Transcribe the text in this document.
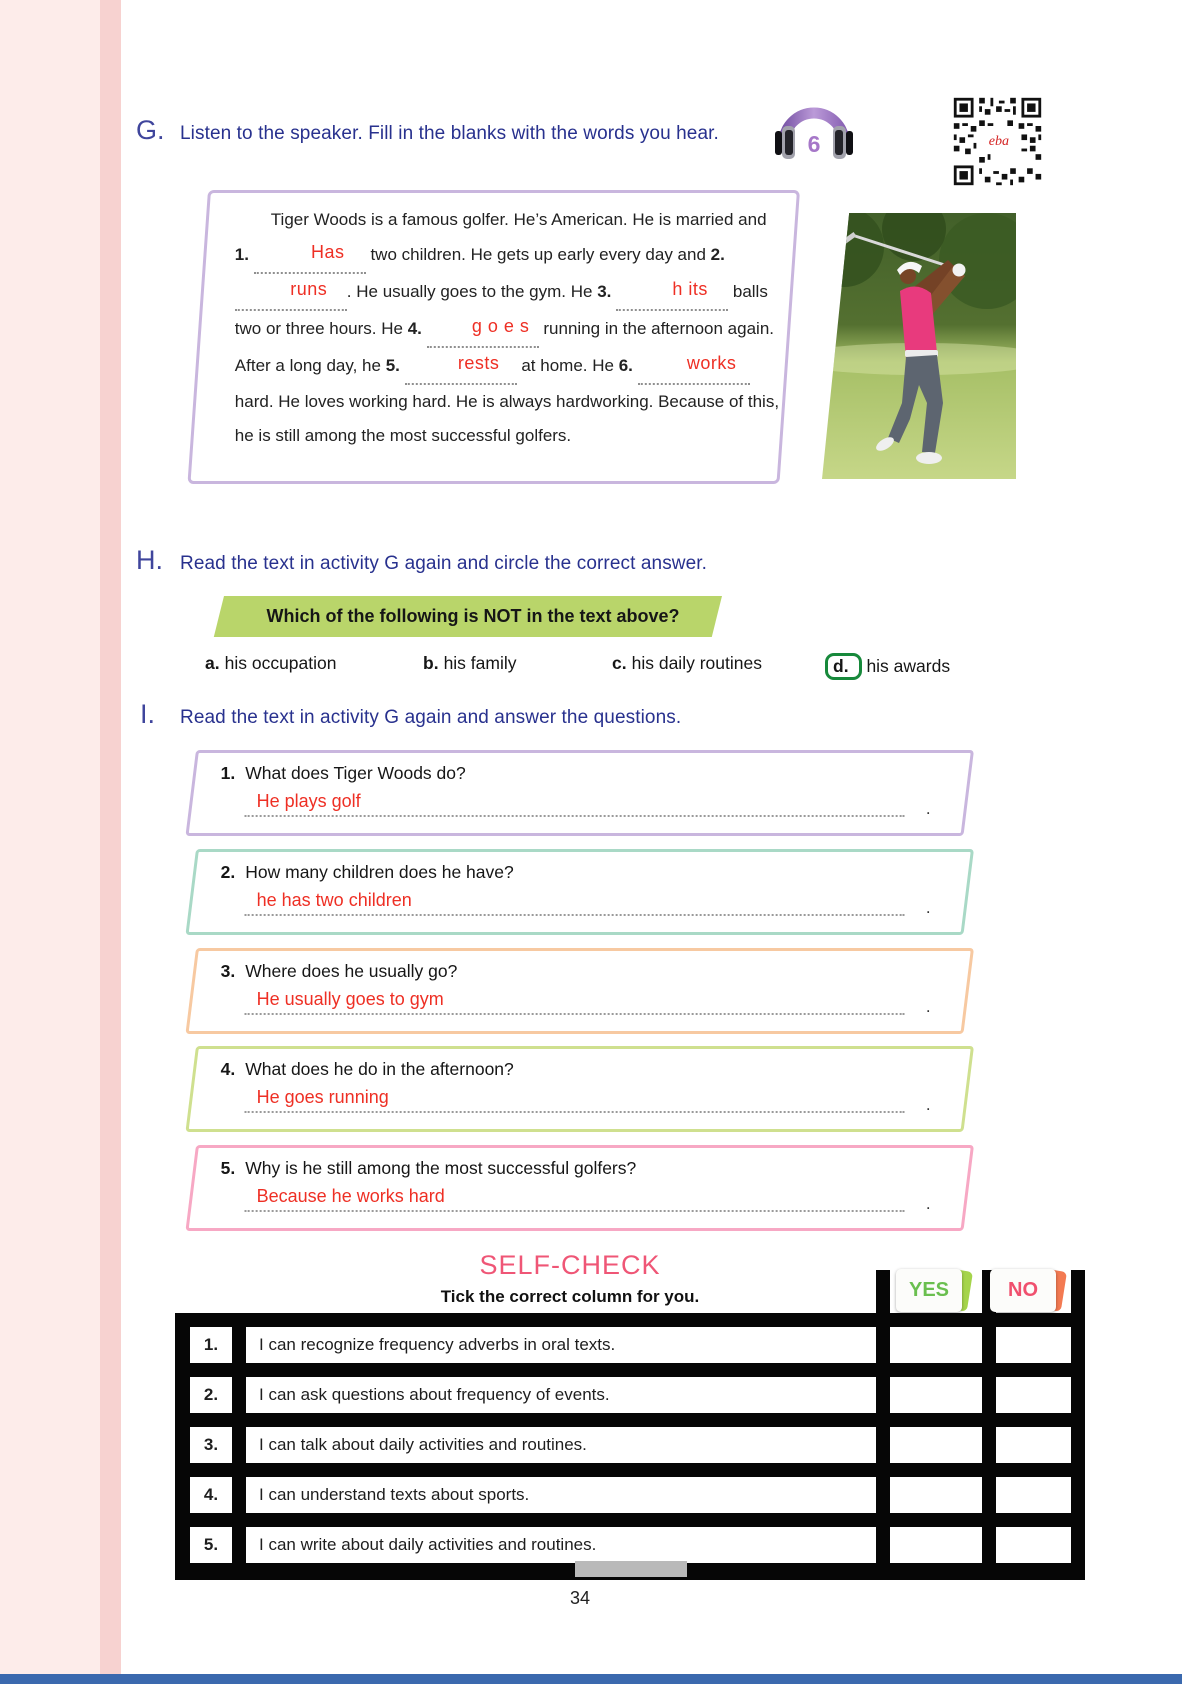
G. Listen to the speaker. Fill in the blanks with the words you hear.	6	eba

Tiger Woods is a famous golfer. He’s American. He is married and 1.	Has two children. He gets up early every day and 2. runs . He usually goes to the gym. He 3.	h its balls two or three hours. He 4.	g o e s running in the afternoon again. After a long day, he 5.	rests at home. He 6.	works hard. He loves working hard. He is always hardworking. Because of this, he is still among the most successful golfers.

H. Read the text in activity G again and circle the correct answer.
Which of the following is NOT in the text above?
a. his occupation	b. his family	c. his daily routines	d. his awards
I. Read the text in activity G again and answer the questions.
1. What does Tiger Woods do?
He plays golf	.
2. How many children does he have?
he has two children	.
3. Where does he usually go?
He usually goes to gym	.
4. What does he do in the afternoon?
He goes running	.
5. Why is he still among the most successful golfers?
Because he works hard	.
SELF-CHECK
Tick the correct column for you.	YES	NO
1.	I can recognize frequency adverbs in oral texts.
2.	I can ask questions about frequency of events.
3.	I can talk about daily activities and routines.
4.	I can understand texts about sports.
5.	I can write about daily activities and routines.
34
